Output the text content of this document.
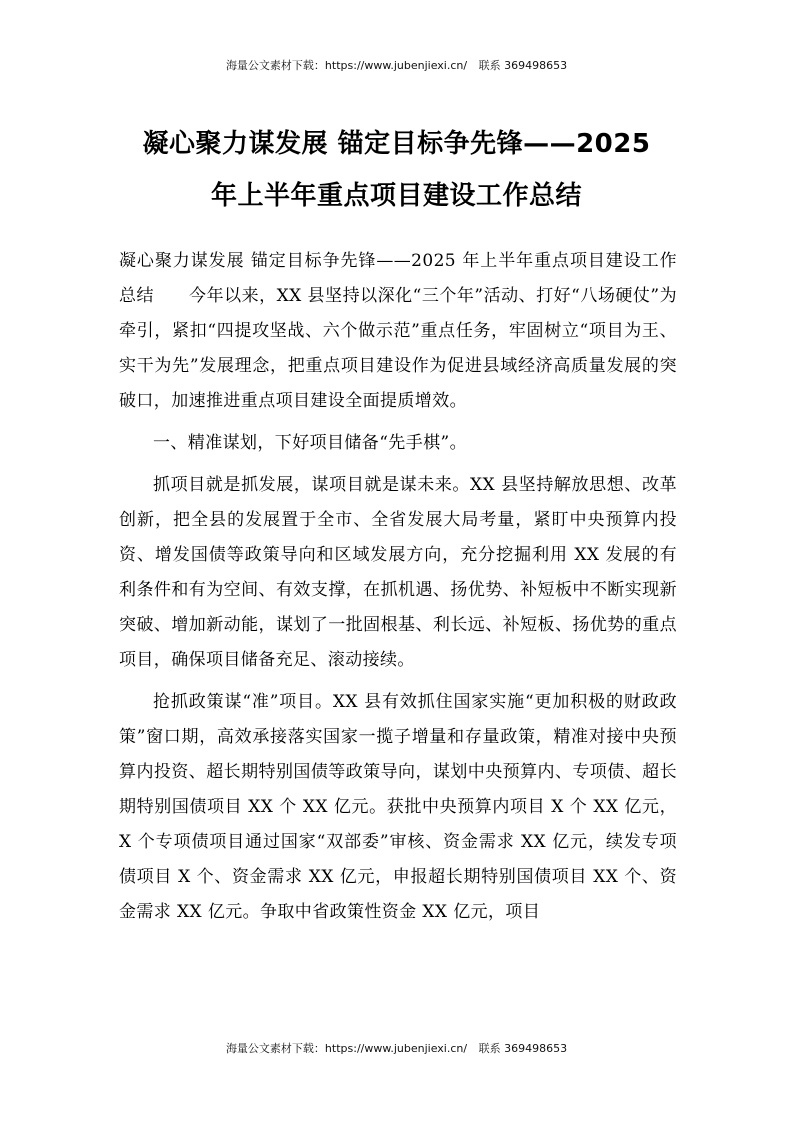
海量公文素材下载：https://www.jubenjiexi.cn/ 联系 369498653
凝心聚力谋发展 锚定目标争先锋——2025
年上半年重点项目建设工作总结

凝心聚力谋发展 锚定目标争先锋——2025 年上半年重点项目建设工作总结　　今年以来，XX 县坚持以深化“三个年”活动、打好“八场硬仗”为牵引，紧扣“四提攻坚战、六个做示范”重点任务，牢固树立“项目为王、实干为先”发展理念，把重点项目建设作为促进县域经济高质量发展的突破口，加速推进重点项目建设全面提质增效。

一、精准谋划，下好项目储备“先手棋”。

抓项目就是抓发展，谋项目就是谋未来。XX 县坚持解放思想、改革创新，把全县的发展置于全市、全省发展大局考量，紧盯中央预算内投资、增发国债等政策导向和区域发展方向，充分挖掘利用 XX 发展的有利条件和有为空间、有效支撑，在抓机遇、扬优势、补短板中不断实现新突破、增加新动能，谋划了一批固根基、利长远、补短板、扬优势的重点项目，确保项目储备充足、滚动接续。

抢抓政策谋“准”项目。XX 县有效抓住国家实施“更加积极的财政政策”窗口期，高效承接落实国家一揽子增量和存量政策，精准对接中央预算内投资、超长期特别国债等政策导向，谋划中央预算内、专项债、超长期特别国债项目 XX 个 XX 亿元。获批中央预算内项目 X 个 XX 亿元，X 个专项债项目通过国家“双部委”审核、资金需求 XX 亿元，续发专项债项目 X 个、资金需求 XX 亿元，申报超长期特别国债项目 XX 个、资金需求 XX 亿元。争取中省政策性资金 XX 亿元，项目

海量公文素材下载：https://www.jubenjiexi.cn/ 联系 369498653
